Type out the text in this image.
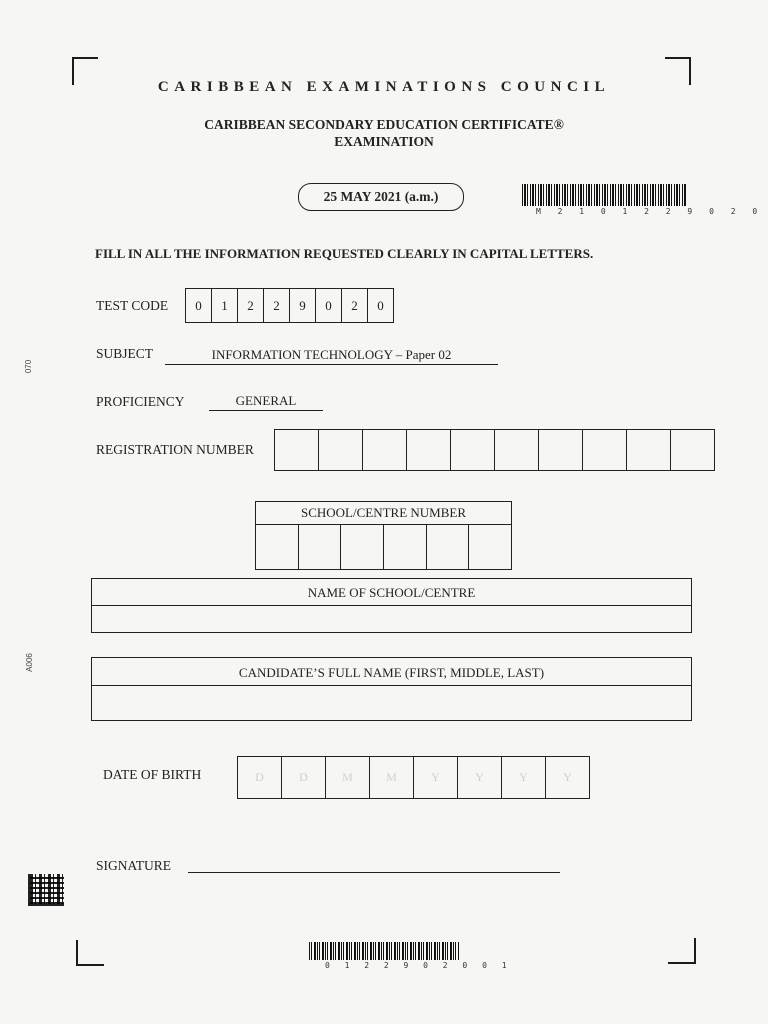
CARIBBEAN EXAMINATIONS COUNCIL
CARIBBEAN SECONDARY EDUCATION CERTIFICATE®
EXAMINATION
25 MAY 2021 (a.m.)
M 2 1 0 1 2 2 9 0 2 0
FILL IN ALL THE INFORMATION REQUESTED CLEARLY IN CAPITAL LETTERS.
TEST CODE	0	1	2	2	9	0	2	0
SUBJECT	INFORMATION TECHNOLOGY – Paper 02
PROFICIENCY	GENERAL
REGISTRATION NUMBER
SCHOOL/CENTRE NUMBER
NAME OF SCHOOL/CENTRE
CANDIDATE’S FULL NAME (FIRST, MIDDLE, LAST)
DATE OF BIRTH	D	D	M	M	Y	Y	Y	Y
SIGNATURE
0 1 2 2 9 0 2 0 0 1
070
A006
